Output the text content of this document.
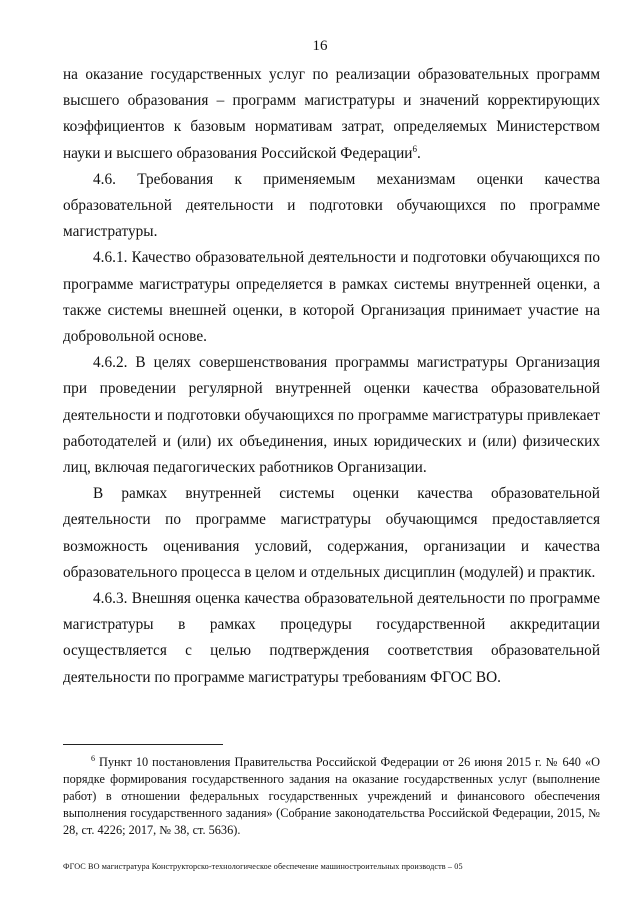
16

на оказание государственных услуг по реализации образовательных программ высшего образования – программ магистратуры и значений корректирующих коэффициентов к базовым нормативам затрат, определяемых Министерством науки и высшего образования Российской Федерации$^6$.

4.6. Требования к применяемым механизмам оценки качества образовательной деятельности и подготовки обучающихся по программе магистратуры.

4.6.1. Качество образовательной деятельности и подготовки обучающихся по программе магистратуры определяется в рамках системы внутренней оценки, а также системы внешней оценки, в которой Организация принимает участие на добровольной основе.

4.6.2. В целях совершенствования программы магистратуры Организация при проведении регулярной внутренней оценки качества образовательной деятельности и подготовки обучающихся по программе магистратуры привлекает работодателей и (или) их объединения, иных юридических и (или) физических лиц, включая педагогических работников Организации.

В рамках внутренней системы оценки качества образовательной деятельности по программе магистратуры обучающимся предоставляется возможность оценивания условий, содержания, организации и качества образовательного процесса в целом и отдельных дисциплин (модулей) и практик.

4.6.3. Внешняя оценка качества образовательной деятельности по программе магистратуры в рамках процедуры государственной аккредитации осуществляется с целью подтверждения соответствия образовательной деятельности по программе магистратуры требованиям ФГОС ВО.

$^6$ Пункт 10 постановления Правительства Российской Федерации от 26 июня 2015 г. № 640 «О порядке формирования государственного задания на оказание государственных услуг (выполнение работ) в отношении федеральных государственных учреждений и финансового обеспечения выполнения государственного задания» (Собрание законодательства Российской Федерации, 2015, № 28, ст. 4226; 2017, № 38, ст. 5636).
ФГОС ВО магистратура Конструкторско-технологическое обеспечение машиностроительных производств – 05
